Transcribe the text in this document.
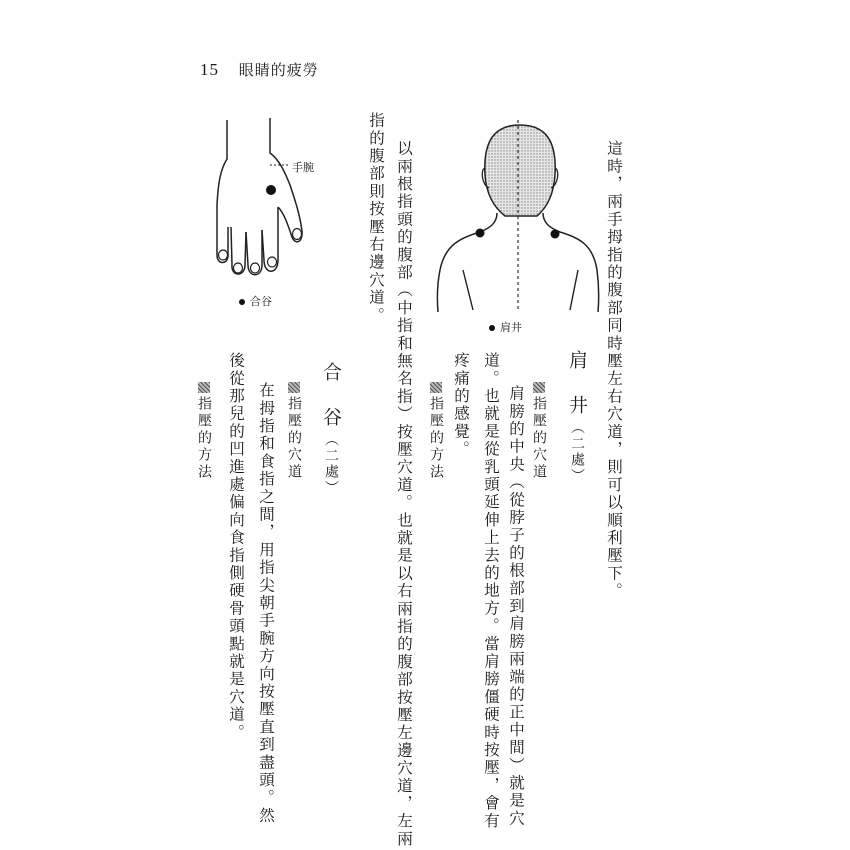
15 眼睛的疲勞
這時，兩手拇指的腹部同時壓左右穴道，則可以順利壓下。
肩井
肩井（二處）
指壓的穴道
肩膀的中央（從脖子的根部到肩膀兩端的正中間）就是穴
道。也就是從乳頭延伸上去的地方。當肩膀僵硬時按壓，會有
疼痛的感覺。
指壓的方法
以兩根指頭的腹部（中指和無名指）按壓穴道。也就是以右兩指的腹部按壓左邊穴道，左兩
指的腹部則按壓右邊穴道。
手腕
合谷
合谷（二處）
指壓的穴道
在拇指和食指之間，用指尖朝手腕方向按壓直到盡頭。然
後從那兒的凹進處偏向食指側硬骨頭點就是穴道。
指壓的方法
